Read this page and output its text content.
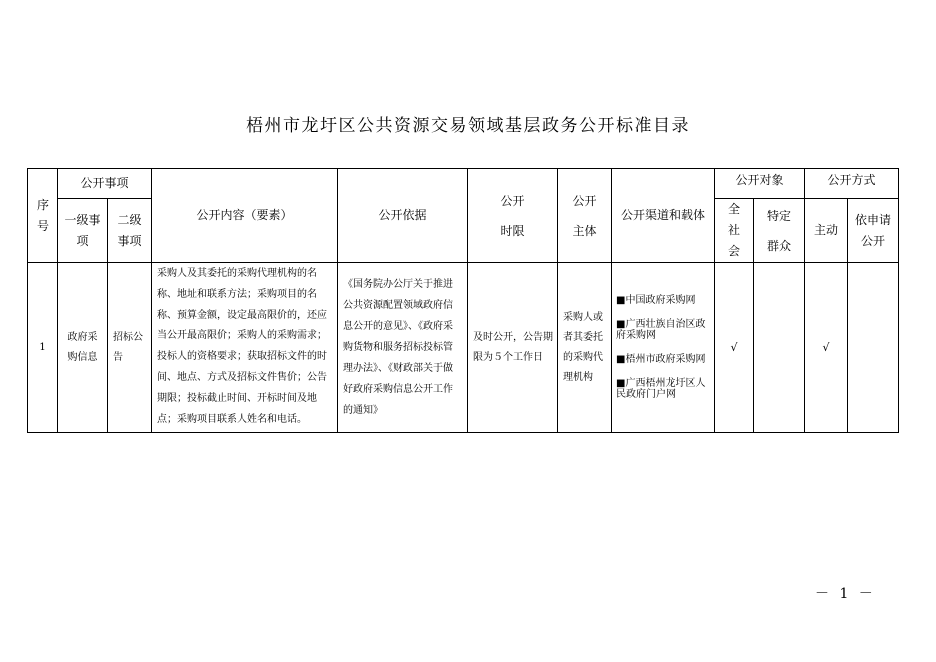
梧州市龙圩区公共资源交易领域基层政务公开标准目录
序号	公开事项		公开内容（要素）	公开依据	公开时限	公开主体	公开渠道和载体	公开对象		公开方式	
	一级事项	二级事项						全社会	特定群众	主动	依申请公开
1	政府采购信息	招标公告	采购人及其委托的采购代理机构的名称、地址和联系方法；采购项目的名称、预算金额，设定最高限价的，还应当公开最高限价；采购人的采购需求；投标人的资格要求；获取招标文件的时间、地点、方式及招标文件售价；公告期限；投标截止时间、开标时间及地点；采购项目联系人姓名和电话。	《国务院办公厅关于推进公共资源配置领域政府信息公开的意见》、《政府采购货物和服务招标投标管理办法》、《财政部关于做好政府采购信息公开工作的通知》	及时公开，公告期限为５个工作日	采购人或者其委托的采购代理机构	■中国政府采购网
■广西壮族自治区政府采购网
■梧州市政府采购网
■广西梧州龙圩区人民政府门户网	√		√	
－ 1 －
